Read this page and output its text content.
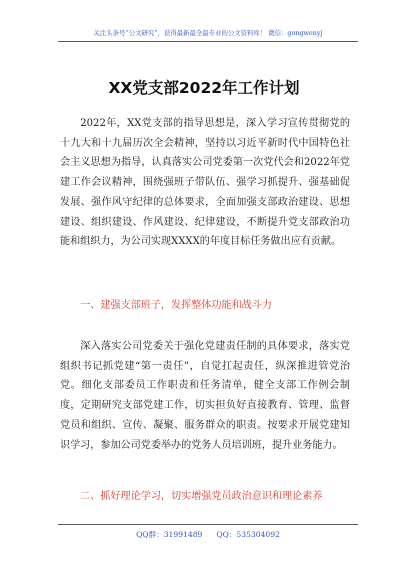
关注头条号“公文研究”，获得最新最全最专业的公文资料库！ 微信：gongwenyj
XX党支部2022年工作计划

2022年，XX党支部的指导思想是，深入学习宣传贯彻党的十九大和十九届历次全会精神，坚持以习近平新时代中国特色社会主义思想为指导，认真落实公司党委第一次党代会和2022年党建工作会议精神，围绕强班子带队伍、强学习抓提升、强基础促发展、强作风守纪律的总体要求，全面加强支部政治建设、思想建设、组织建设、作风建设、纪律建设，不断提升党支部政治功能和组织力，为公司实现XXXX的年度目标任务做出应有贡献。

一、建强支部班子，发挥整体功能和战斗力

深入落实公司党委关于强化党建责任制的具体要求，落实党组织书记抓党建“第一责任”，自觉扛起责任，纵深推进管党治党。细化支部委员工作职责和任务清单，健全支部工作例会制度，定期研究支部党建工作，切实担负好直接教育、管理、监督党员和组织、宣传、凝聚、服务群众的职责。按要求开展党建知识学习，参加公司党委举办的党务人员培训班，提升业务能力。

二、抓好理论学习，切实增强党员政治意识和理论素养
QQ群：31991489 QQ：535304092
